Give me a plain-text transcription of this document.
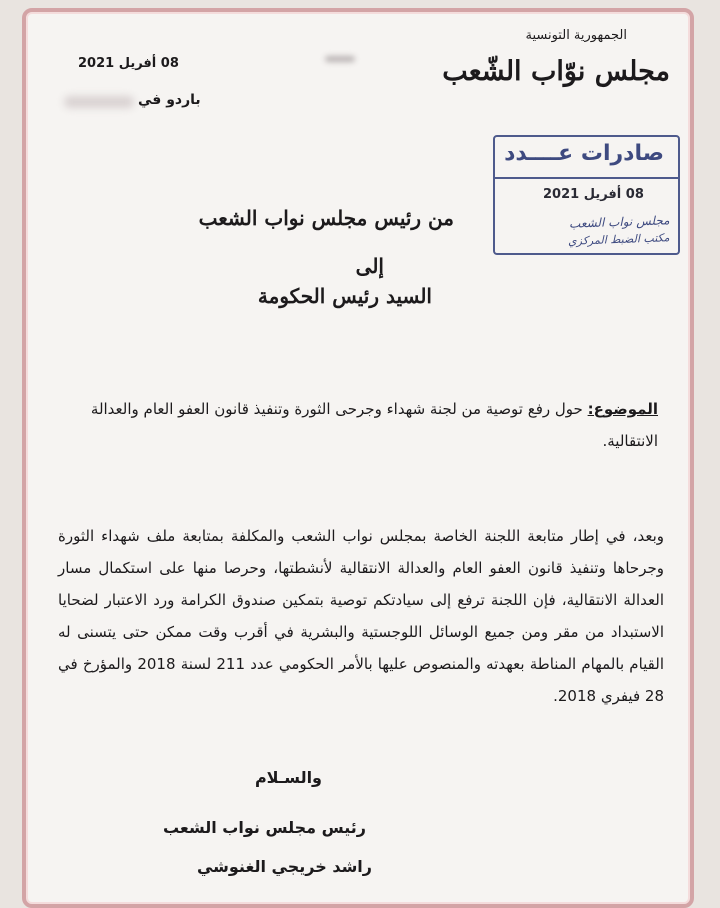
الجمهورية التونسية
مجلس نوّاب الشّعب
08 أفريل 2021
باردو في
صادرات عــــدد
08 أفريل 2021
مجلس نواب الشعب
مكتب الضبط المركزي
من رئيس مجلس نواب الشعب
إلى
السيد رئيس الحكومة
الموضوع: حول رفع توصية من لجنة شهداء وجرحى الثورة وتنفيذ قانون العفو العام والعدالة الانتقالية.
وبعد، في إطار متابعة اللجنة الخاصة بمجلس نواب الشعب والمكلفة بمتابعة ملف شهداء الثورة وجرحاها وتنفيذ قانون العفو العام والعدالة الانتقالية لأنشطتها، وحرصا منها على استكمال مسار العدالة الانتقالية، فإن اللجنة ترفع إلى سيادتكم توصية بتمكين صندوق الكرامة ورد الاعتبار لضحايا الاستبداد من مقر ومن جميع الوسائل اللوجستية والبشرية في أقرب وقت ممكن حتى يتسنى له القيام بالمهام المناطة بعهدته والمنصوص عليها بالأمر الحكومي عدد 211 لسنة 2018 والمؤرخ في 28 فيفري 2018.
والسـلام
رئيس مجلس نواب الشعب
راشد خريجي الغنوشي
